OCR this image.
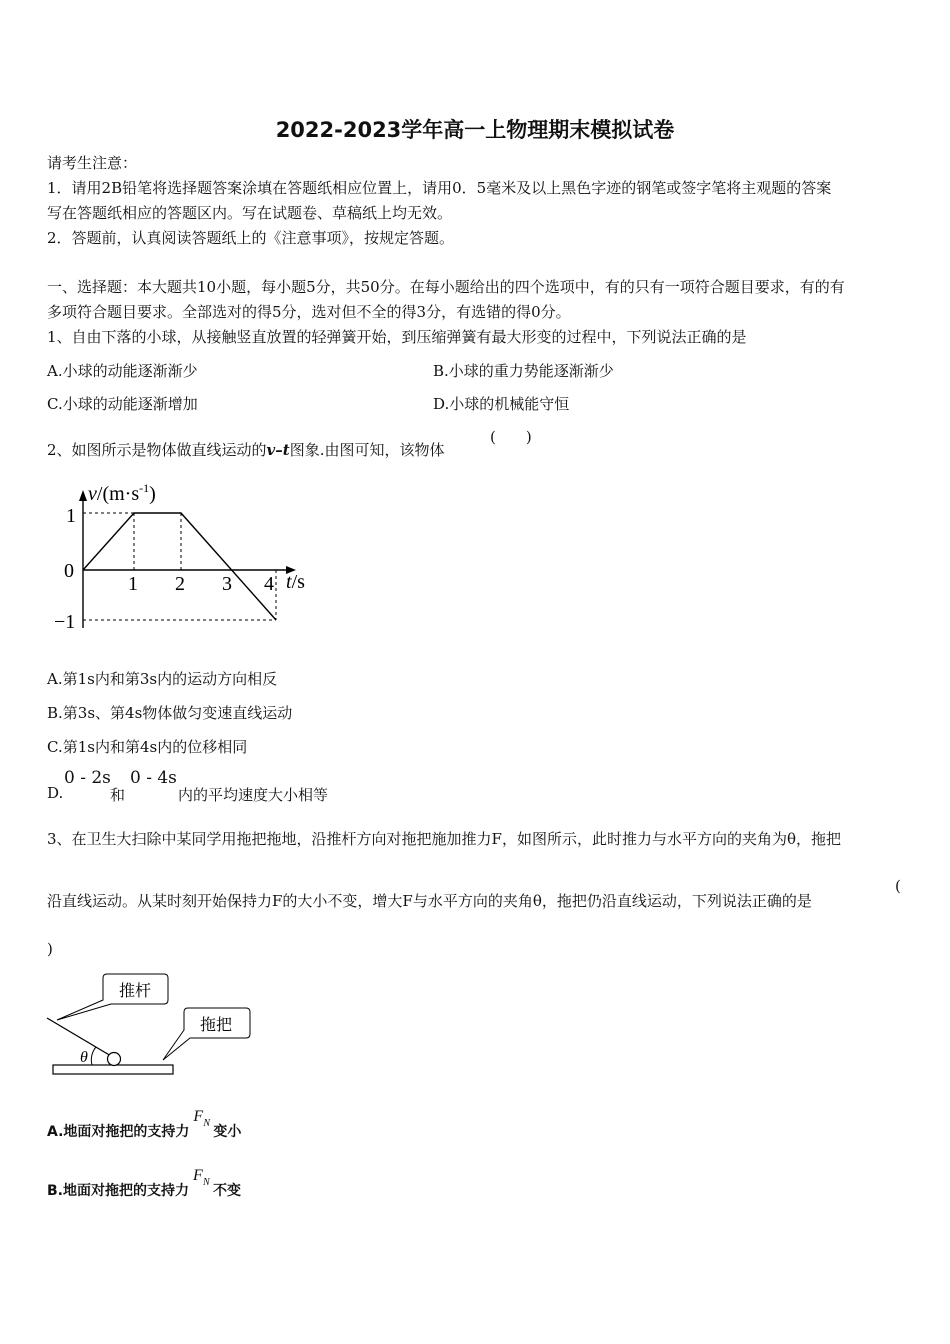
2022-2023学年高一上物理期末模拟试卷
请考生注意：
1．请用2B铅笔将选择题答案涂填在答题纸相应位置上，请用0．5毫米及以上黑色字迹的钢笔或签字笔将主观题的答案
写在答题纸相应的答题区内。写在试题卷、草稿纸上均无效。
2．答题前，认真阅读答题纸上的《注意事项》，按规定答题。
一、选择题：本大题共10小题，每小题5分，共50分。在每小题给出的四个选项中，有的只有一项符合题目要求，有的有
多项符合题目要求。全部选对的得5分，选对但不全的得3分，有选错的得0分。
1、自由下落的小球，从接触竖直放置的轻弹簧开始，到压缩弹簧有最大形变的过程中，下列说法正确的是
A.小球的动能逐渐渐少	B.小球的重力势能逐渐渐少
C.小球的动能逐渐增加	D.小球的机械能守恒
2、如图所示是物体做直线运动的v–t图象.由图可知，该物体
(　　)
$v/(m\cdot s^{-1})$
1
0
−1
1 2 3 4 t/s
A.第1s内和第3s内的运动方向相反
B.第3s、第4s物体做匀变速直线运动
C.第1s内和第4s内的位移相同
D.
0 - 2s
和
0 - 4s
内的平均速度大小相等
3、在卫生大扫除中某同学用拖把拖地，沿推杆方向对拖把施加推力F，如图所示，此时推力与水平方向的夹角为θ，拖把
沿直线运动。从某时刻开始保持力F的大小不变，增大F与水平方向的夹角θ，拖把仍沿直线运动，下列说法正确的是
(
)
θ
推杆
拖把
A.地面对拖把的支持力
F N
变小
B.地面对拖把的支持力
F N
不变
